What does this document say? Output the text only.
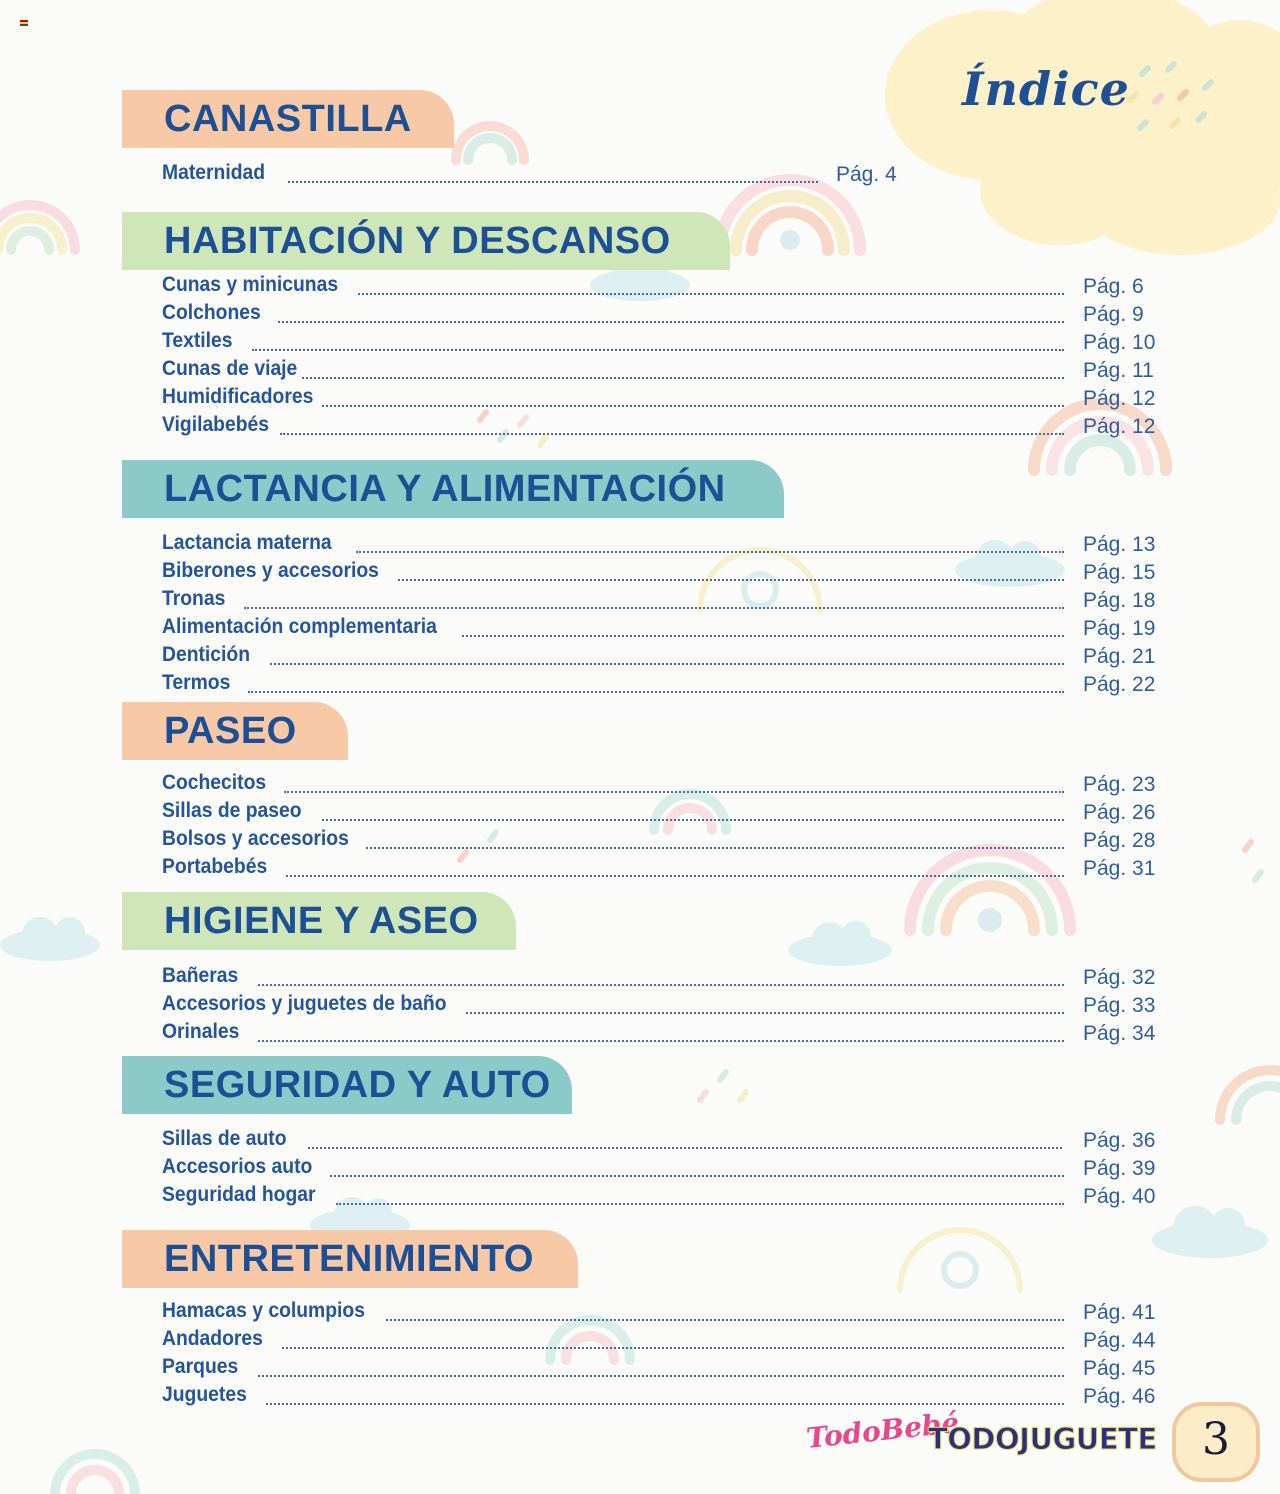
Índice
CANASTILLA
HABITACIÓN Y DESCANSO
LACTANCIA Y ALIMENTACIÓN
PASEO
HIGIENE Y ASEO
SEGURIDAD Y AUTO
ENTRETENIMIENTO
Maternidad	Pág. 4
Cunas y minicunas	Pág. 6
Colchones	Pág. 9
Textiles	Pág. 10
Cunas de viaje	Pág. 11
Humidificadores	Pág. 12
Vigilabebés	Pág. 12
Lactancia materna	Pág. 13
Biberones y accesorios	Pág. 15
Tronas	Pág. 18
Alimentación complementaria	Pág. 19
Dentición	Pág. 21
Termos	Pág. 22
Cochecitos	Pág. 23
Sillas de paseo	Pág. 26
Bolsos y accesorios	Pág. 28
Portabebés	Pág. 31
Bañeras	Pág. 32
Accesorios y juguetes de baño	Pág. 33
Orinales	Pág. 34
Sillas de auto	Pág. 36
Accesorios auto	Pág. 39
Seguridad hogar	Pág. 40
Hamacas y columpios	Pág. 41
Andadores	Pág. 44
Parques	Pág. 45
Juguetes	Pág. 46
TodoBebé
TODOJUGUETE	3
